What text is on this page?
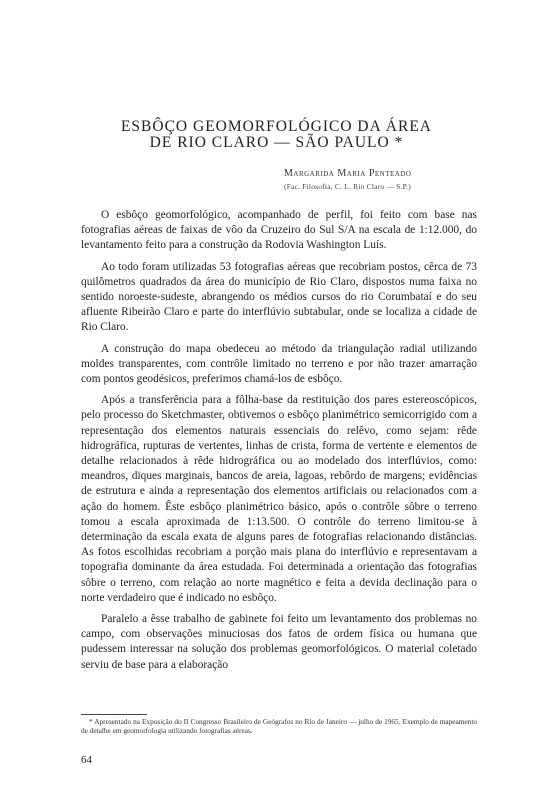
ESBÔÇO GEOMORFOLÓGICO DA ÁREA
DE RIO CLARO — SÃO PAULO *
Margarida Maria Penteado
(Fac. Filosofia, C. L. Rio Claro — S.P.)

O esbôço geomorfológico, acompanhado de perfil, foi feito com base nas fotografias aéreas de faixas de vôo da Cruzeiro do Sul S/A na escala de 1:12.000, do levantamento feito para a construção da Rodovia Washington Luís.

Ao todo foram utilizadas 53 fotografias aéreas que recobriam postos, cêrca de 73 quilômetros quadrados da área do município de Rio Claro, dispostos numa faixa no sentido noroeste-sudeste, abrangendo os médios cursos do rio Corumbataí e do seu afluente Ribeirão Claro e parte do interflúvio subtabular, onde se localiza a cidade de Rio Claro.

A construção do mapa obedeceu ao método da triangulação radial utilizando moldes transparentes, com contrôle limitado no terreno e por não trazer amarração com pontos geodésicos, preferimos chamá-los de esbôço.

Após a transferência para a fôlha-base da restituição dos pares estereoscópicos, pelo processo do Sketchmaster, obtivemos o esbôço planimétrico semicorrigido com a representação dos elementos naturais essenciais do relêvo, como sejam: rêde hidrográfica, rupturas de vertentes, linhas de crista, forma de vertente e elementos de detalhe relacionados à rêde hidrográfica ou ao modelado dos interflúvios, como: meandros, diques marginais, bancos de areia, lagoas, rebôrdo de margens; evidências de estrutura e ainda a representação dos elementos artificiais ou relacionados com a ação do homem. Êste esbôço planimétrico básico, após o contrôle sôbre o terreno tomou a escala aproximada de 1:13.500. O contrôle do terreno limitou-se à determinação da escala exata de alguns pares de fotografias relacionando distâncias. As fotos escolhidas recobriam a porção mais plana do interflúvio e representavam a topografia dominante da área estudada. Foi determinada a orientação das fotografias sôbre o terreno, com relação ao norte magnético e feita a devida declinação para o norte verdadeiro que é indicado no esbôço.

Paralelo a êsse trabalho de gabinete foi feito um levantamento dos problemas no campo, com observações minuciosas dos fatos de ordem física ou humana que pudessem interessar na solução dos problemas geomorfológicos. O material coletado serviu de base para a elaboração

* Apresentado na Exposição do II Congresso Brasileiro de Geógrafos no Rio de Janeiro — julho de 1965. Exemplo de mapeamento de detalhe em geomorfologia utilizando fotografias aéreas.
64
